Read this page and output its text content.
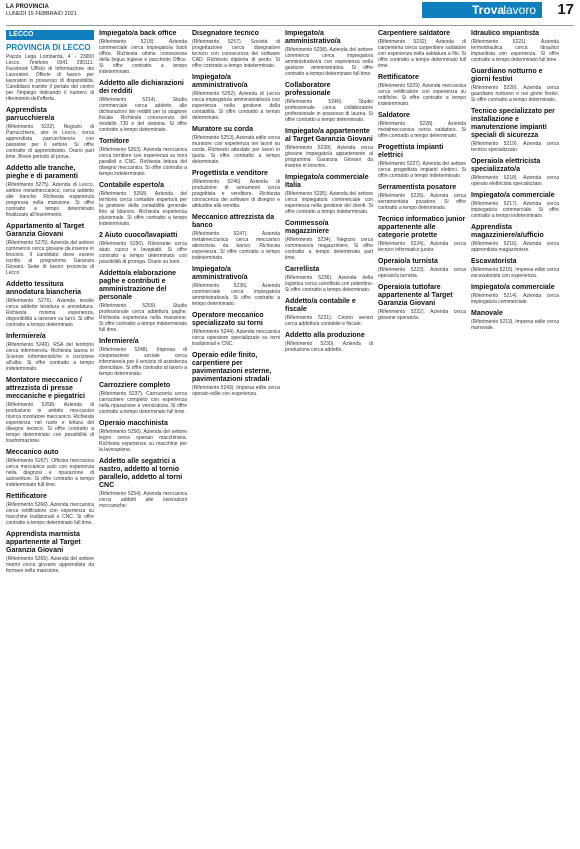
LA PROVINCIA
LUNEDÌ 15 FEBBRAIO 2021	Trova lavoro 17
LECCO
PROVINCIA DI LECCO

Piazza Lega Lombarda, 4 - 23900 Lecco. Telefono 0341 295111. Facebook Ufficio di Informazione dei Lavoratori. Offerte di lavoro per lavoratori in possesso di disponibilità. Candidarsi tramite il portale del centro per l'impiego indicando il numero di riferimento dell'offerta.

Apprendista parrucchiere/a

(Riferimento 5232). Negozio di Parrucchiere, sito in Lecco, cerca apprendista parrucchiere/a con passione per il settore. Si offre contratto di apprendistato. Orario part time. Breve periodo di prova.

Addetto alle tranche, pieghe e di paramenti

(Riferimento 5275). Azienda di Lecco, settore metalmeccanico, cerca addetto alle tranche. Richiesta esperienza pregressa nella mansione. Si offre contratto a tempo determinato finalizzato all'inserimento.

Appartamento al Target Garanzia Giovani

(Riferimento 5275). Azienda del settore commercio cerca giovane da inserire in tirocinio. Il candidato deve essere iscritto al programma Garanzia Giovani. Sede di lavoro provincia di Lecco.

Addetto tessitura annodatura biancheria

(Riferimento 5276). Azienda tessile cerca addetto tessitura e annodatura. Richiesta minima esperienza, disponibilità a lavorare su turni. Si offre contratto a tempo determinato.

Infermiere/a

(Riferimento 5249). RSA del territorio cerca infermiere/a. Richiesta laurea in Scienze Infermieristiche e iscrizione all'albo. Si offre contratto a tempo indeterminato.

Montatore meccanico / attrezzista di presse meccaniche e piegatrici

(Riferimento 5258). Azienda di produzione in ambito meccanico ricerca montatore meccanico. Richiesta esperienza nel ruolo e lettura del disegno tecnico. Si offre contratto a tempo determinato con possibilità di trasformazione.

Meccanico auto

(Riferimento 5267). Officina meccanica cerca meccanico auto con esperienza nella diagnosi e riparazione di autovetture. Si offre contratto a tempo indeterminato full time.

Rettificatore

(Riferimento 5266). Azienda meccanica cerca rettificatore con esperienza su macchine tradizionali e CNC. Si offre contratto a tempo determinato full time.

Apprendista marmista appartenente al Target Garanzia Giovani

(Riferimento 5265). Azienda del settore marmi cerca giovane apprendista da formare nella mansione.

Impiegato/a back office

(Riferimento 5218). Azienda commerciale cerca impiegato/a back office. Richiesta ottima conoscenza della lingua inglese e pacchetto Office. Si offre contratto a tempo indeterminato.

Addetto alle dichiarazioni dei redditi

(Riferimento 5214). Studio commerciale cerca addetto alle dichiarazioni dei redditi per la stagione fiscale. Richiesta conoscenza del modello 730 e del sistema. Si offre contratto a tempo determinato.

Tornitore

(Riferimento 5263). Azienda meccanica cerca tornitore con esperienza su torni paralleli e CNC. Richiesta lettura del disegno meccanico. Si offre contratto a tempo indeterminato.

Contabile esperto/a

(Riferimento 5268). Azienda del territorio cerca contabile esperto/a per la gestione della contabilità generale fino al bilancio. Richiesta esperienza pluriennale. Si offre contratto a tempo indeterminato.

2 Aiuto cuoco/lavapiatti

(Riferimento 5250). Ristorante cerca aiuto cuoco e lavapiatti. Si offre contratto a tempo determinato con possibilità di proroga. Orario su turni.

Addetto/a elaborazione paghe e contributi e amministrazione del personale

(Riferimento 5259). Studio professionale cerca addetto/a paghe. Richiesta esperienza nella mansione. Si offre contratto a tempo indeterminato full time.

Infermiere/a

(Riferimento 5248). Impresa di cooperazione sociale cerca infermiere/a per il servizio di assistenza domiciliare. Si offre contratto di lavoro a tempo determinato.

Carrozziere completo

(Riferimento 5237). Carrozzeria cerca carrozziere completo con esperienza nella riparazione e verniciatura. Si offre contratto a tempo determinato full time.

Operaio macchinista

(Riferimento 5256). Azienda del settore legno cerca operaio macchinista. Richiesta esperienza su macchine per la lavorazione.

Addetto alle segatrici a nastro, addetto al tornio parallelo, addetto al torni CNC

(Riferimento 5254). Azienda meccanica cerca addetti alle lavorazioni meccaniche.

Disegnatore tecnico

(Riferimento 5257). Società di progettazione cerca disegnatore tecnico con conoscenza dei software CAD. Richiesto diploma di perito. Si offre contratto a tempo indeterminato.

Impiegato/a amministrativo/a

(Riferimento 5252). Azienda di Lecco cerca impiegato/a amministrativo/a con esperienza nella gestione della contabilità. Si offre contratto a tempo determinato.

Muratore su corda

(Riferimento 5253). Azienda edile cerca muratore con esperienza nei lavori su corda. Richiesto attestato per lavori in quota. Si offre contratto a tempo determinato.

Progettista e venditore

(Riferimento 5246). Azienda di produzione di serramenti cerca progettista e venditore. Richiesta conoscenza dei software di disegno e attitudine alla vendita.

Meccanico attrezzista da banco

(Riferimento 5247). Azienda metalmeccanica cerca meccanico attrezzista da banco. Richiesta esperienza. Si offre contratto a tempo indeterminato.

Impiegato/a amministrativo/a

(Riferimento 5236). Azienda commerciale cerca impiegato/a amministrativo/a. Si offre contratto a tempo determinato.

Operatore meccanico specializzato su torni

(Riferimento 5244). Azienda meccanica cerca operatore specializzato su torni tradizionali e CNC.

Operaio edile finito, carpentiere per pavimentazioni esterne, pavimentazioni stradali

(Riferimento 5243). Impresa edile cerca operaio edile con esperienza.

Impiegato/a amministrativo/a

(Riferimento 5238). Azienda del settore commercio cerca impiegato/a amministrativo/a con esperienza nella gestione amministrativa. Si offre contratto a tempo determinato full time.

Collaboratore professionale

(Riferimento 5240). Studio professionale cerca collaboratore professionale in possesso di laurea. Si offre contratto a tempo determinato.

Impiegato/a appartenente al Target Garanzia Giovani

(Riferimento 5239). Azienda cerca giovane impiegato/a appartenente al programma Garanzia Giovani da inserire in tirocinio.

Impiegato/a commerciale Italia

(Riferimento 5235). Azienda del settore cerca impiegato/a commerciale con esperienza nella gestione dei clienti. Si offre contratto a tempo indeterminato.

Commesso/a magazziniere

(Riferimento 5234). Negozio cerca commesso/a magazziniere. Si offre contratto a tempo determinato part time.

Carrellista

(Riferimento 5236). Azienda della logistica cerca carrellista con patentino. Si offre contratto a tempo determinato.

Addetto/a contabile e fiscale

(Riferimento 5231). Centro servizi cerca addetto/a contabile e fiscale.

Addetto alla produzione

(Riferimento 5230). Azienda di produzione cerca addetto.

Carpentiere saldatore

(Riferimento 5232). Azienda di carpenteria cerca carpentiere saldatore con esperienza nella saldatura a filo. Si offre contratto a tempo determinato full time.

Rettificatore

(Riferimento 5229). Azienda meccanica cerca rettificatore con esperienza su rettifiche. Si offre contratto a tempo indeterminato.

Saldatore

(Riferimento 5228). Azienda metalmeccanica cerca saldatore. Si offre contratto a tempo determinato.

Progettista impianti elettrici

(Riferimento 5227). Azienda del settore cerca progettista impianti elettrici. Si offre contratto a tempo indeterminato.

Serramentista posatore

(Riferimento 5226). Azienda cerca serramentista posatore. Si offre contratto a tempo determinato.

Tecnico informatico junior appartenente alle categorie protette

(Riferimento 5224). Azienda cerca tecnico informatico junior.

Operaio/a turnista

(Riferimento 5223). Azienda cerca operaio/a turnista.

Operaio/a tuttofare appartenente al Target Garanzia Giovani

(Riferimento 5222). Azienda cerca giovane operaio/a.

Idraulico impiantista

(Riferimento 5221). Azienda termoidraulica cerca idraulico impiantista con esperienza. Si offre contratto a tempo determinato full time.

Guardiano notturno e giorni festivi

(Riferimento 5220). Azienda cerca guardiano notturno e nei giorni festivi. Si offre contratto a tempo determinato.

Tecnico specializzato per installazione e manutenzione impianti speciali di sicurezza

(Riferimento 5219). Azienda cerca tecnico specializzato.

Operaio/a elettricista specializzato/a

(Riferimento 5218). Azienda cerca operaio elettricista specializzato.

Impiegato/a commerciale

(Riferimento 5217). Azienda cerca impiegato/a commerciale. Si offre contratto a tempo indeterminato.

Apprendista magazziniere/a/ufficio

(Riferimento 5216). Azienda cerca apprendista magazziniere.

Escavatorista

(Riferimento 5215). Impresa edile cerca escavatorista con esperienza.

Impiegato/a commerciale

(Riferimento 5214). Azienda cerca impiegato/a commerciale.

Manovale

(Riferimento 5213). Impresa edile cerca manovale.
